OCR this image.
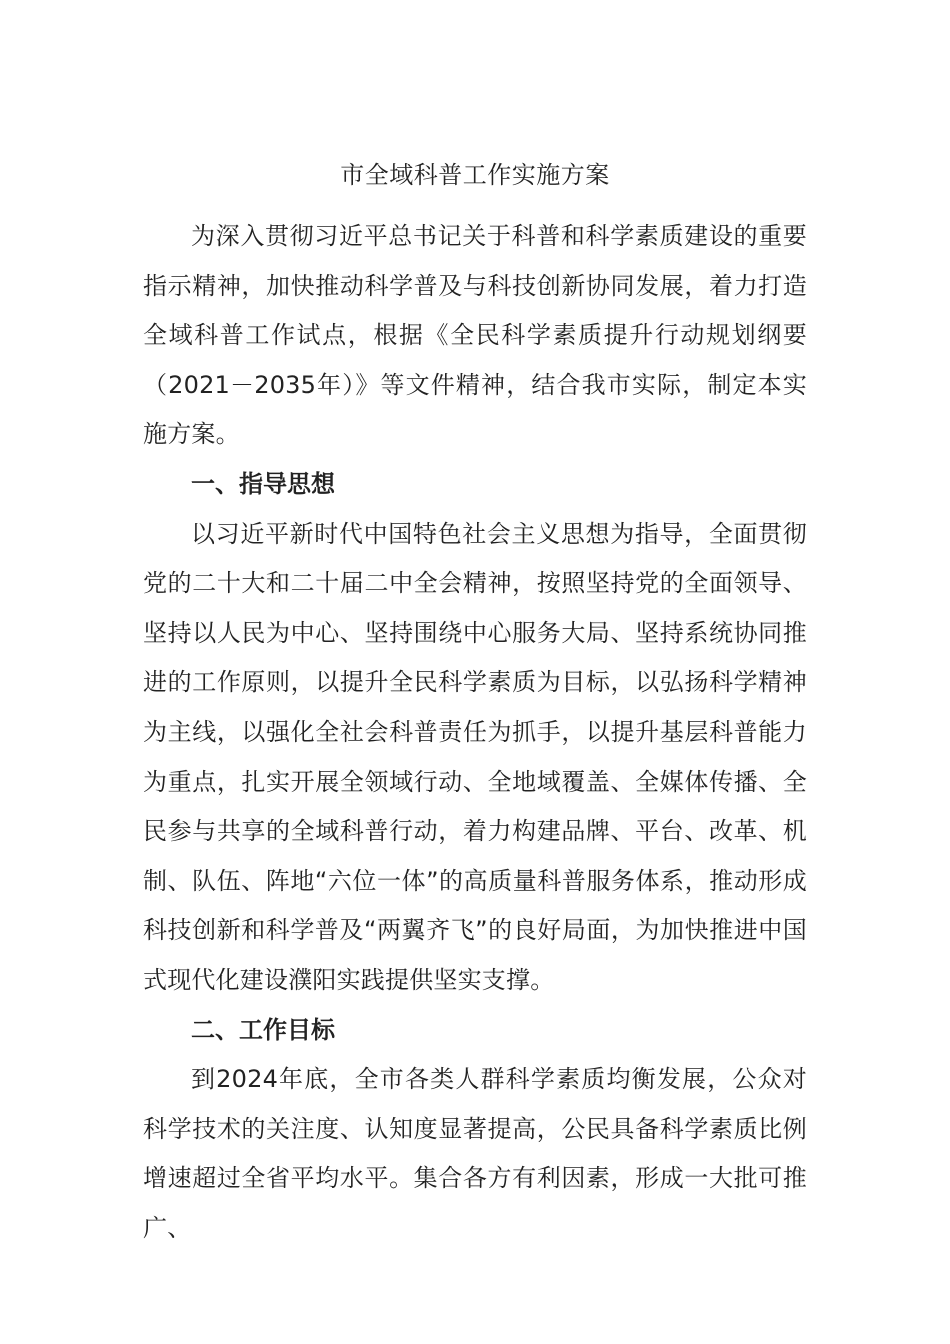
市全域科普工作实施方案

为深入贯彻习近平总书记关于科普和科学素质建设的重要指示精神，加快推动科学普及与科技创新协同发展，着力打造全域科普工作试点，根据《全民科学素质提升行动规划纲要（2021－2035年）》等文件精神，结合我市实际，制定本实施方案。

一、指导思想

以习近平新时代中国特色社会主义思想为指导，全面贯彻党的二十大和二十届二中全会精神，按照坚持党的全面领导、坚持以人民为中心、坚持围绕中心服务大局、坚持系统协同推进的工作原则，以提升全民科学素质为目标，以弘扬科学精神为主线，以强化全社会科普责任为抓手，以提升基层科普能力为重点，扎实开展全领域行动、全地域覆盖、全媒体传播、全民参与共享的全域科普行动，着力构建品牌、平台、改革、机制、队伍、阵地“六位一体”的高质量科普服务体系，推动形成科技创新和科学普及“两翼齐飞”的良好局面，为加快推进中国式现代化建设濮阳实践提供坚实支撑。

二、工作目标

到2024年底，全市各类人群科学素质均衡发展，公众对科学技术的关注度、认知度显著提高，公民具备科学素质比例增速超过全省平均水平。集合各方有利因素，形成一大批可推广、
